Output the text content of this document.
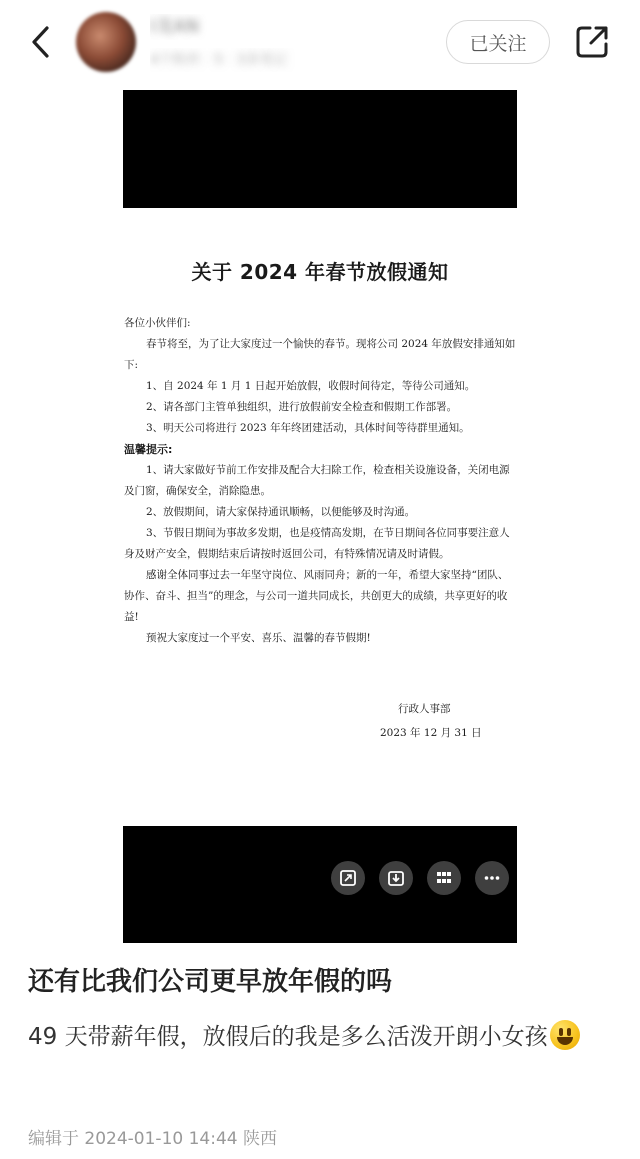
I龙AN
4个粉丝 · 5 · 3条笔记
已关注
关于 2024 年春节放假通知

各位小伙伴们:

春节将至，为了让大家度过一个愉快的春节。现将公司 2024 年放假安排通知如下:

1、自 2024 年 1 月 1 日起开始放假，收假时间待定，等待公司通知。

2、请各部门主管单独组织，进行放假前安全检查和假期工作部署。

3、明天公司将进行 2023 年年终团建活动，具体时间等待群里通知。

温馨提示:

1、请大家做好节前工作安排及配合大扫除工作，检查相关设施设备，关闭电源及门窗，确保安全，消除隐患。

2、放假期间，请大家保持通讯顺畅，以便能够及时沟通。

3、节假日期间为事故多发期，也是疫情高发期，在节日期间各位同事要注意人身及财产安全，假期结束后请按时返回公司，有特殊情况请及时请假。

感谢全体同事过去一年坚守岗位、风雨同舟；新的一年，希望大家坚持“团队、协作、奋斗、担当”的理念，与公司一道共同成长，共创更大的成绩，共享更好的收益!

预祝大家度过一个平安、喜乐、温馨的春节假期!

行政人事部
2023 年 12 月 31 日
还有比我们公司更早放年假的吗
49 天带薪年假，放假后的我是多么活泼开朗小女孩
编辑于 2024-01-10 14:44 陕西
